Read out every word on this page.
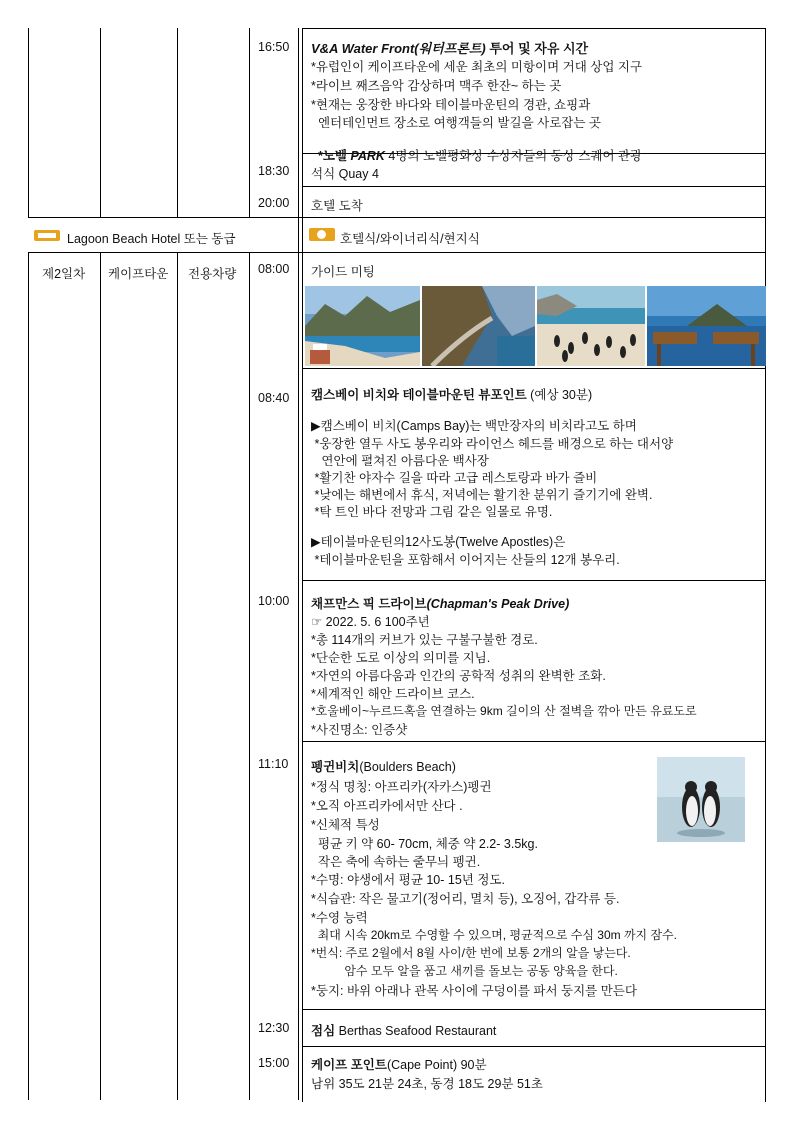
16:50 V&A Water Front(워터프론트) 투어 및 자유 시간
*유럽인이 케이프타운에 세운 최초의 미항이며 거대 상업 지구
*라이브 째즈음악 감상하며 맥주 한잔~ 하는 곳
*현재는 웅장한 바다와 테이블마운틴의 경관, 쇼핑과
엔터테인먼트 장소로 여행객들의 발길을 사로잡는 곳

*노벨 PARK 4명의 노벨평화상 수상자들의 동상 스퀘어 관광

18:30 석식 Quay 4
20:00 호텔 도착
Lagoon Beach Hotel 또는 동급	호텔식/와이너리식/현지식
제2일차 케이프타운 전용차량 08:00 가이드 미팅
08:40 캠스베이 비치와 테이블마운틴 뷰포인트 (예상 30분)
▶캠스베이 비치(Camps Bay)는 백만장자의 비치라고도 하며
*웅장한 열두 사도 봉우리와 라이언스 헤드를 배경으로 하는 대서양
연안에 펼쳐진 아름다운 백사장
*활기찬 야자수 길을 따라 고급 레스토랑과 바가 즐비
*낮에는 해변에서 휴식, 저녁에는 활기찬 분위기 즐기기에 완벽.
*탁 트인 바다 전망과 그림 같은 일몰로 유명.
▶테이블마운틴의12사도봉(Twelve Apostles)은
*테이블마운틴을 포함해서 이어지는 산들의 12개 봉우리.
10:00 채프만스 픽 드라이브(Chapman's Peak Drive)
☞ 2022. 5. 6 100주년
*총 114개의 커브가 있는 구불구불한 경로.
*단순한 도로 이상의 의미를 지님.
*자연의 아름다움과 인간의 공학적 성취의 완벽한 조화.
*세계적인 해안 드라이브 코스.
*호울베이~누르드혹을 연결하는 9km 길이의 산 절벽을 깎아 만든 유료도로
*사진명소: 인증샷
11:10 펭귄비치(Boulders Beach)
*정식 명칭: 아프리카(자카스)펭귄
*오직 아프리카에서만 산다 .
*신체적 특성
평균 키 약 60- 70cm, 체중 약 2.2- 3.5kg.
작은 축에 속하는 줄무늬 펭귄.
*수명: 야생에서 평균 10- 15년 정도.
*식습관: 작은 물고기(정어리, 멸치 등), 오징어, 갑각류 등.
*수영 능력
최대 시속 20km로 수영할 수 있으며, 평균적으로 수심 30m 까지 잠수.
*번식: 주로 2월에서 8월 사이/한 번에 보통 2개의 알을 낳는다.
암수 모두 알을 품고 새끼를 돌보는 공동 양육을 한다.
*둥지: 바위 아래나 관목 사이에 구덩이를 파서 둥지를 만든다
12:30 점심 Berthas Seafood Restaurant
15:00 케이프 포인트(Cape Point) 90분
남위 35도 21분 24초, 동경 18도 29분 51초
